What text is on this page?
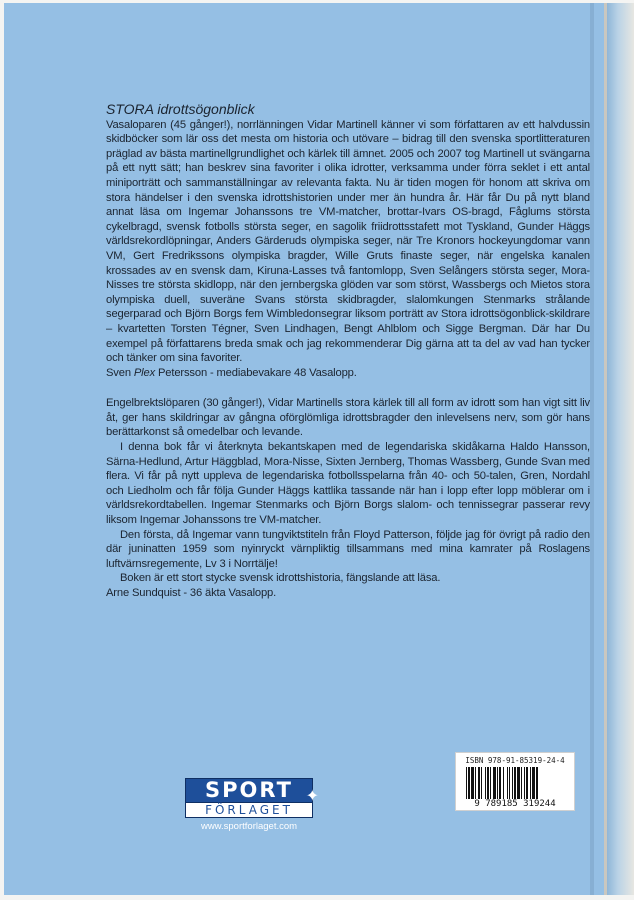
STORA idrottsögonblick

Vasaloparen (45 gånger!), norrlänningen Vidar Martinell känner vi som författaren av ett halvdussin skidböcker som lär oss det mesta om historia och utövare – bidrag till den svenska sportlitteraturen präglad av bästa martinellgrundlighet och kärlek till ämnet. 2005 och 2007 tog Martinell ut svängarna på ett nytt sätt; han beskrev sina favoriter i olika idrotter, verksamma under förra seklet i ett antal miniporträtt och sammanställningar av relevanta fakta. Nu är tiden mogen för honom att skriva om stora händelser i den svenska idrottshistorien under mer än hundra år. Här får Du på nytt bland annat läsa om Ingemar Johanssons tre VM-matcher, brottar-Ivars OS-bragd, Fåglums största cykelbragd, svensk fotbolls största seger, en sagolik friidrottsstafett mot Tyskland, Gunder Häggs världsrekordlöpningar, Anders Gärderuds olympiska seger, när Tre Kronors hockeyungdomar vann VM, Gert Fredrikssons olympiska bragder, Wille Gruts finaste seger, när engelska kanalen krossades av en svensk dam, Kiruna-Lasses två fantomlopp, Sven Selångers största seger, Mora-Nisses tre största skidlopp, när den jernbergska glöden var som störst, Wassbergs och Mietos stora olympiska duell, suveräne Svans största skidbragder, slalomkungen Stenmarks strålande segerparad och Björn Borgs fem Wimbledonsegrar liksom porträtt av Stora idrottsögonblick-skildrare – kvartetten Torsten Tégner, Sven Lindhagen, Bengt Ahlblom och Sigge Bergman. Där har Du exempel på författarens breda smak och jag rekommenderar Dig gärna att ta del av vad han tycker och tänker om sina favoriter.

Sven Plex Petersson - mediabevakare 48 Vasalopp.

Engelbrektslöparen (30 gånger!), Vidar Martinells stora kärlek till all form av idrott som han vigt sitt liv åt, ger hans skildringar av gångna oförglömliga idrottsbragder den inlevelsens nerv, som gör hans berättarkonst så omedelbar och levande.

I denna bok får vi återknyta bekantskapen med de legendariska skidåkarna Haldo Hansson, Särna-Hedlund, Artur Häggblad, Mora-Nisse, Sixten Jernberg, Thomas Wassberg, Gunde Svan med flera. Vi får på nytt uppleva de legendariska fotbollsspelarna från 40- och 50-talen, Gren, Nordahl och Liedholm och får följa Gunder Häggs kattlika tassande när han i lopp efter lopp möblerar om i världsrekordtabellen. Ingemar Stenmarks och Björn Borgs slalom- och tennissegrar passerar revy liksom Ingemar Johanssons tre VM-matcher.

Den första, då Ingemar vann tungviktstiteln från Floyd Patterson, följde jag för övrigt på radio den där juninatten 1959 som nyinryckt värnpliktig tillsammans med mina kamrater på Roslagens luftvärnsregemente, Lv 3 i Norrtälje!

Boken är ett stort stycke svensk idrottshistoria, fängslande att läsa.

Arne Sundquist - 36 äkta Vasalopp.

SPORT
FÖRLAGET
✦
www.sportforlaget.com
ISBN 978-91-85319-24-4
9 789185 319244
